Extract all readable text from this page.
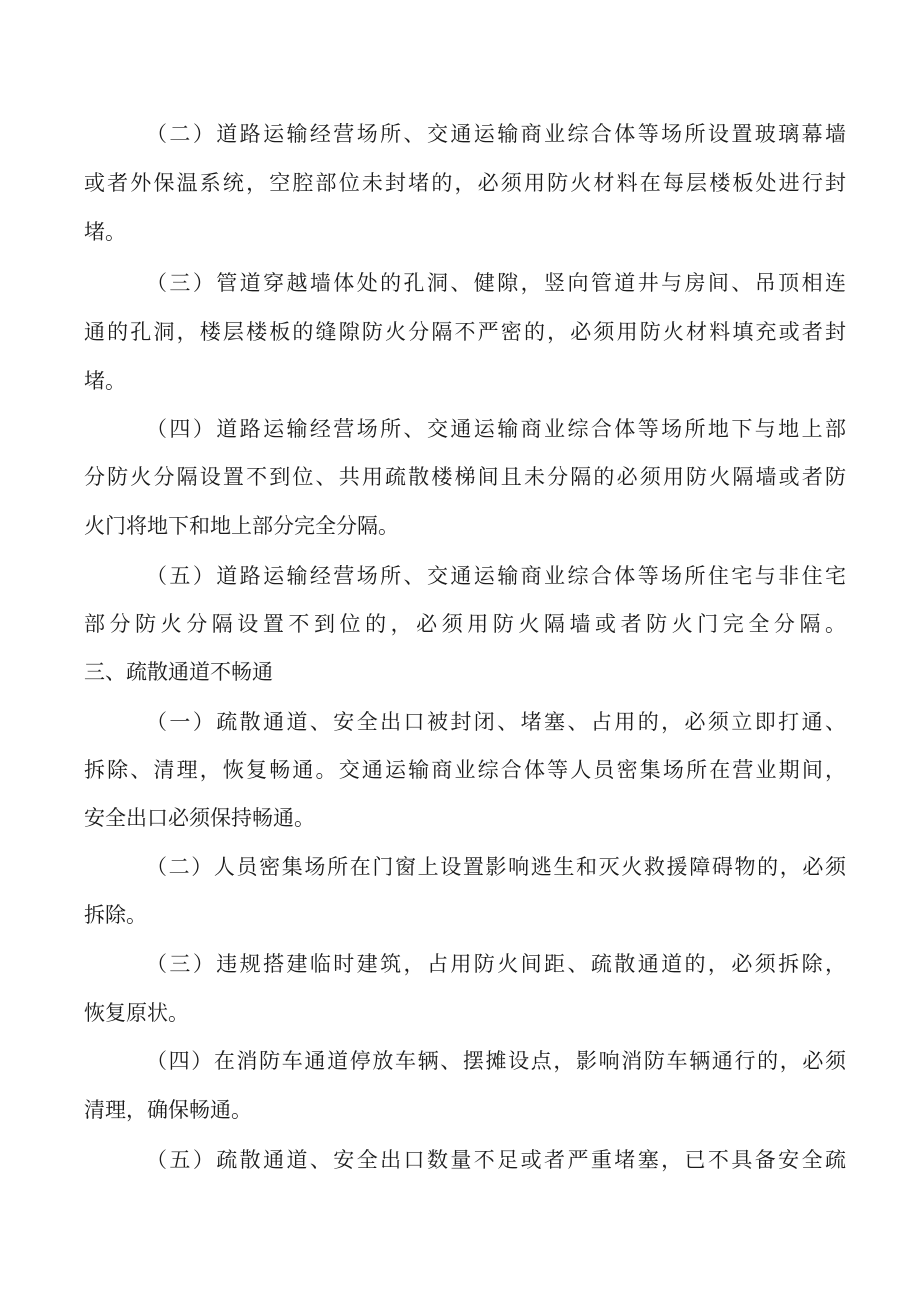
（二）道路运输经营场所、交通运输商业综合体等场所设置玻璃幕墙
或者外保温系统，空腔部位未封堵的，必须用防火材料在每层楼板处进行封
堵。
（三）管道穿越墙体处的孔洞、健隙，竖向管道井与房间、吊顶相连
通的孔洞，楼层楼板的缝隙防火分隔不严密的，必须用防火材料填充或者封
堵。
（四）道路运输经营场所、交通运输商业综合体等场所地下与地上部
分防火分隔设置不到位、共用疏散楼梯间且未分隔的必须用防火隔墙或者防
火门将地下和地上部分完全分隔。
（五）道路运输经营场所、交通运输商业综合体等场所住宅与非住宅
部分防火分隔设置不到位的，必须用防火隔墙或者防火门完全分隔。
三、疏散通道不畅通
（一）疏散通道、安全出口被封闭、堵塞、占用的，必须立即打通、
拆除、清理，恢复畅通。交通运输商业综合体等人员密集场所在营业期间，
安全出口必须保持畅通。
（二）人员密集场所在门窗上设置影响逃生和灭火救援障碍物的，必须
拆除。
（三）违规搭建临时建筑，占用防火间距、疏散通道的，必须拆除，
恢复原状。
（四）在消防车通道停放车辆、摆摊设点，影响消防车辆通行的，必须
清理，确保畅通。
（五）疏散通道、安全出口数量不足或者严重堵塞，已不具备安全疏
